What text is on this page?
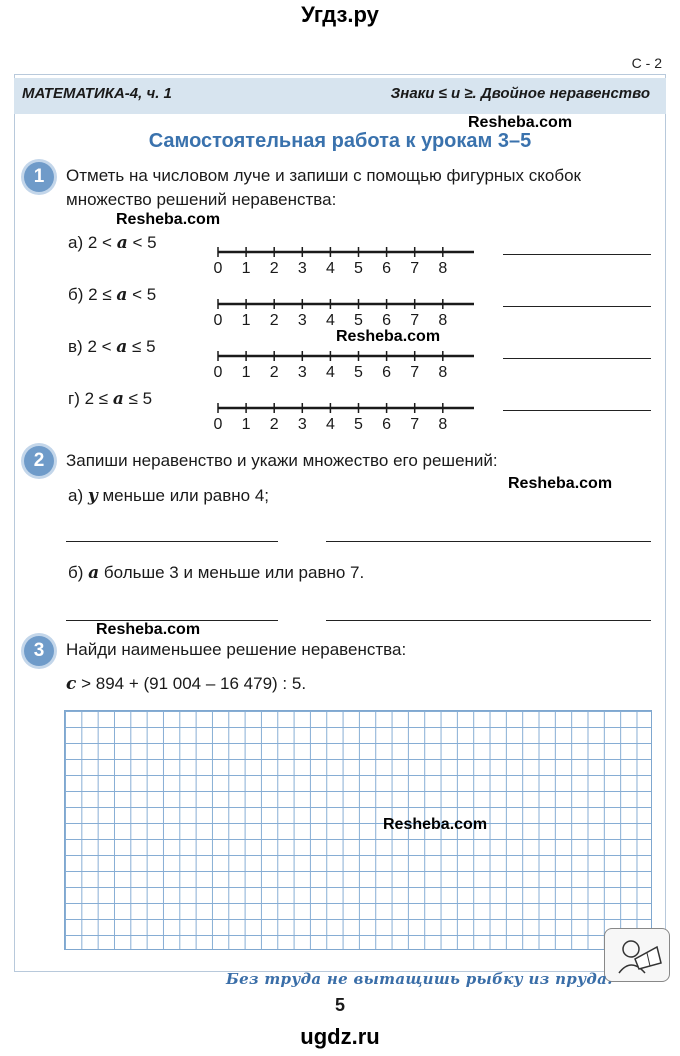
Угдз.ру
С - 2
МАТЕМАТИКА-4, ч. 1	Знаки ≤ и ≥. Двойное неравенство
Самостоятельная работа к урокам 3–5
Resheba.com
1	Отметь на числовом луче и запиши с помощью фигурных скобок множество решений неравенства:
Resheba.com
а) 2 < a < 5
б) 2 ≤ a < 5
в) 2 < a ≤ 5
г) 2 ≤ a ≤ 5
0 1 2 3 4 5 6 7 8
0 1 2 3 4 5 6 7 8
0 1 2 3 4 5 6 7 8
0 1 2 3 4 5 6 7 8
Resheba.com
2	Запиши неравенство и укажи множество его решений:
а) y меньше или равно 4;
Resheba.com
б) a больше 3 и меньше или равно 7.
Resheba.com
3	Найди наименьшее решение неравенства:
c > 894 + (91 004 – 16 479) : 5.
Resheba.com
Без труда не вытащишь рыбку из пруда.
5
ugdz.ru
